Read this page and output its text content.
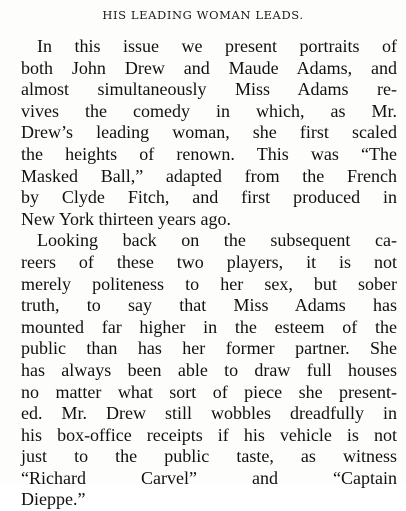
HIS LEADING WOMAN LEADS.
In this issue we present portraits of
both John Drew and Maude Adams, and
almost simultaneously Miss Adams re-
vives the comedy in which, as Mr.
Drew’s leading woman, she first scaled
the heights of renown. This was “The
Masked Ball,” adapted from the French
by Clyde Fitch, and first produced in
New York thirteen years ago.
Looking back on the subsequent ca-
reers of these two players, it is not
merely politeness to her sex, but sober
truth, to say that Miss Adams has
mounted far higher in the esteem of the
public than has her former partner. She
has always been able to draw full houses
no matter what sort of piece she present-
ed. Mr. Drew still wobbles dreadfully in
his box-office receipts if his vehicle is not
just to the public taste, as witness
“Richard Carvel” and “Captain
Dieppe.”
